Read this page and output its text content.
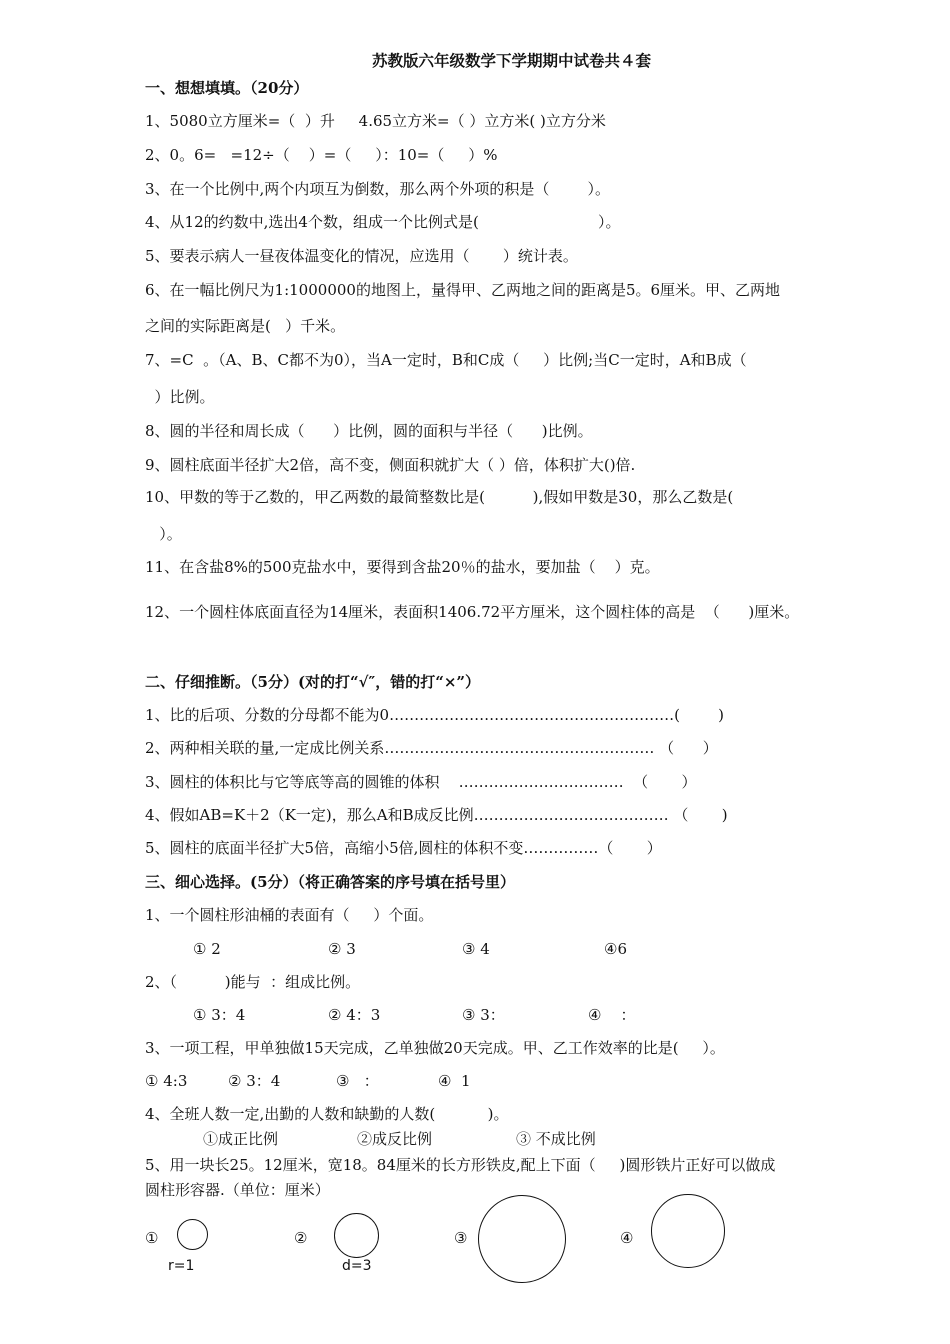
苏教版六年级数学下学期期中试卷共４套
一、想想填填。（20分）
1、5080立方厘米=（  ）升     4.65立方米=（ ）立方米( )立方分米
2、0。6=   =12÷（    ）=（     ）：10=（     ）%
3、在一个比例中,两个内项互为倒数，那么两个外项的积是（        ）。
4、从12的约数中,选出4个数，组成一个比例式是(                         ）。
5、要表示病人一昼夜体温变化的情况，应选用（       ）统计表。
6、在一幅比例尺为1:1000000的地图上，量得甲、乙两地之间的距离是5。6厘米。甲、乙两地
之间的实际距离是(   ）千米。
7、=C  。（A、B、C都不为0），当A一定时，B和C成（     ）比例;当C一定时，A和B成（
）比例。
8、圆的半径和周长成（      ）比例，圆的面积与半径（      )比例。
9、圆柱底面半径扩大2倍，高不变，侧面积就扩大（ ）倍，体积扩大()倍.
10、甲数的等于乙数的，甲乙两数的最简整数比是(          ),假如甲数是30，那么乙数是(
）。
11、在含盐8%的500克盐水中，要得到含盐20％的盐水，要加盐（    ）克。
12、一个圆柱体底面直径为14厘米，表面积1406.72平方厘米，这个圆柱体的高是  （      )厘米。
二、仔细推断。（5分）(对的打“√″，错的打“×”）
1、比的后项、分数的分母都不能为0…………………………………………………(        )
2、两种相关联的量,一定成比例关系……………………………………………… （      ）
3、圆柱的体积比与它等底等高的圆锥的体积    ……………………………  （       ）
4、假如AB=K＋2（K一定)，那么A和B成反比例………………………………… （       )
5、圆柱的底面半径扩大5倍，高缩小5倍,圆柱的体积不变……………（       ）
三、细心选择。(5分）（将正确答案的序号填在括号里）
1、一个圆柱形油桶的表面有（     ）个面。
① 2	② 3	③ 4	④6
2、（          )能与  ：组成比例。
① 3：4	② 4：3	③ 3：	④    ：
3、一项工程，甲单独做15天完成，乙单独做20天完成。甲、乙工作效率的比是(     ）。
① 4:3	② 3：4	③   ：	④  1
4、全班人数一定,出勤的人数和缺勤的人数(           )。
①成正比例	②成反比例	③ 不成比例
5、用一块长25。12厘米，宽18。84厘米的长方形铁皮,配上下面（     )圆形铁片正好可以做成
圆柱形容器.（单位：厘米）
①
r=1
②
d=3
③	④
